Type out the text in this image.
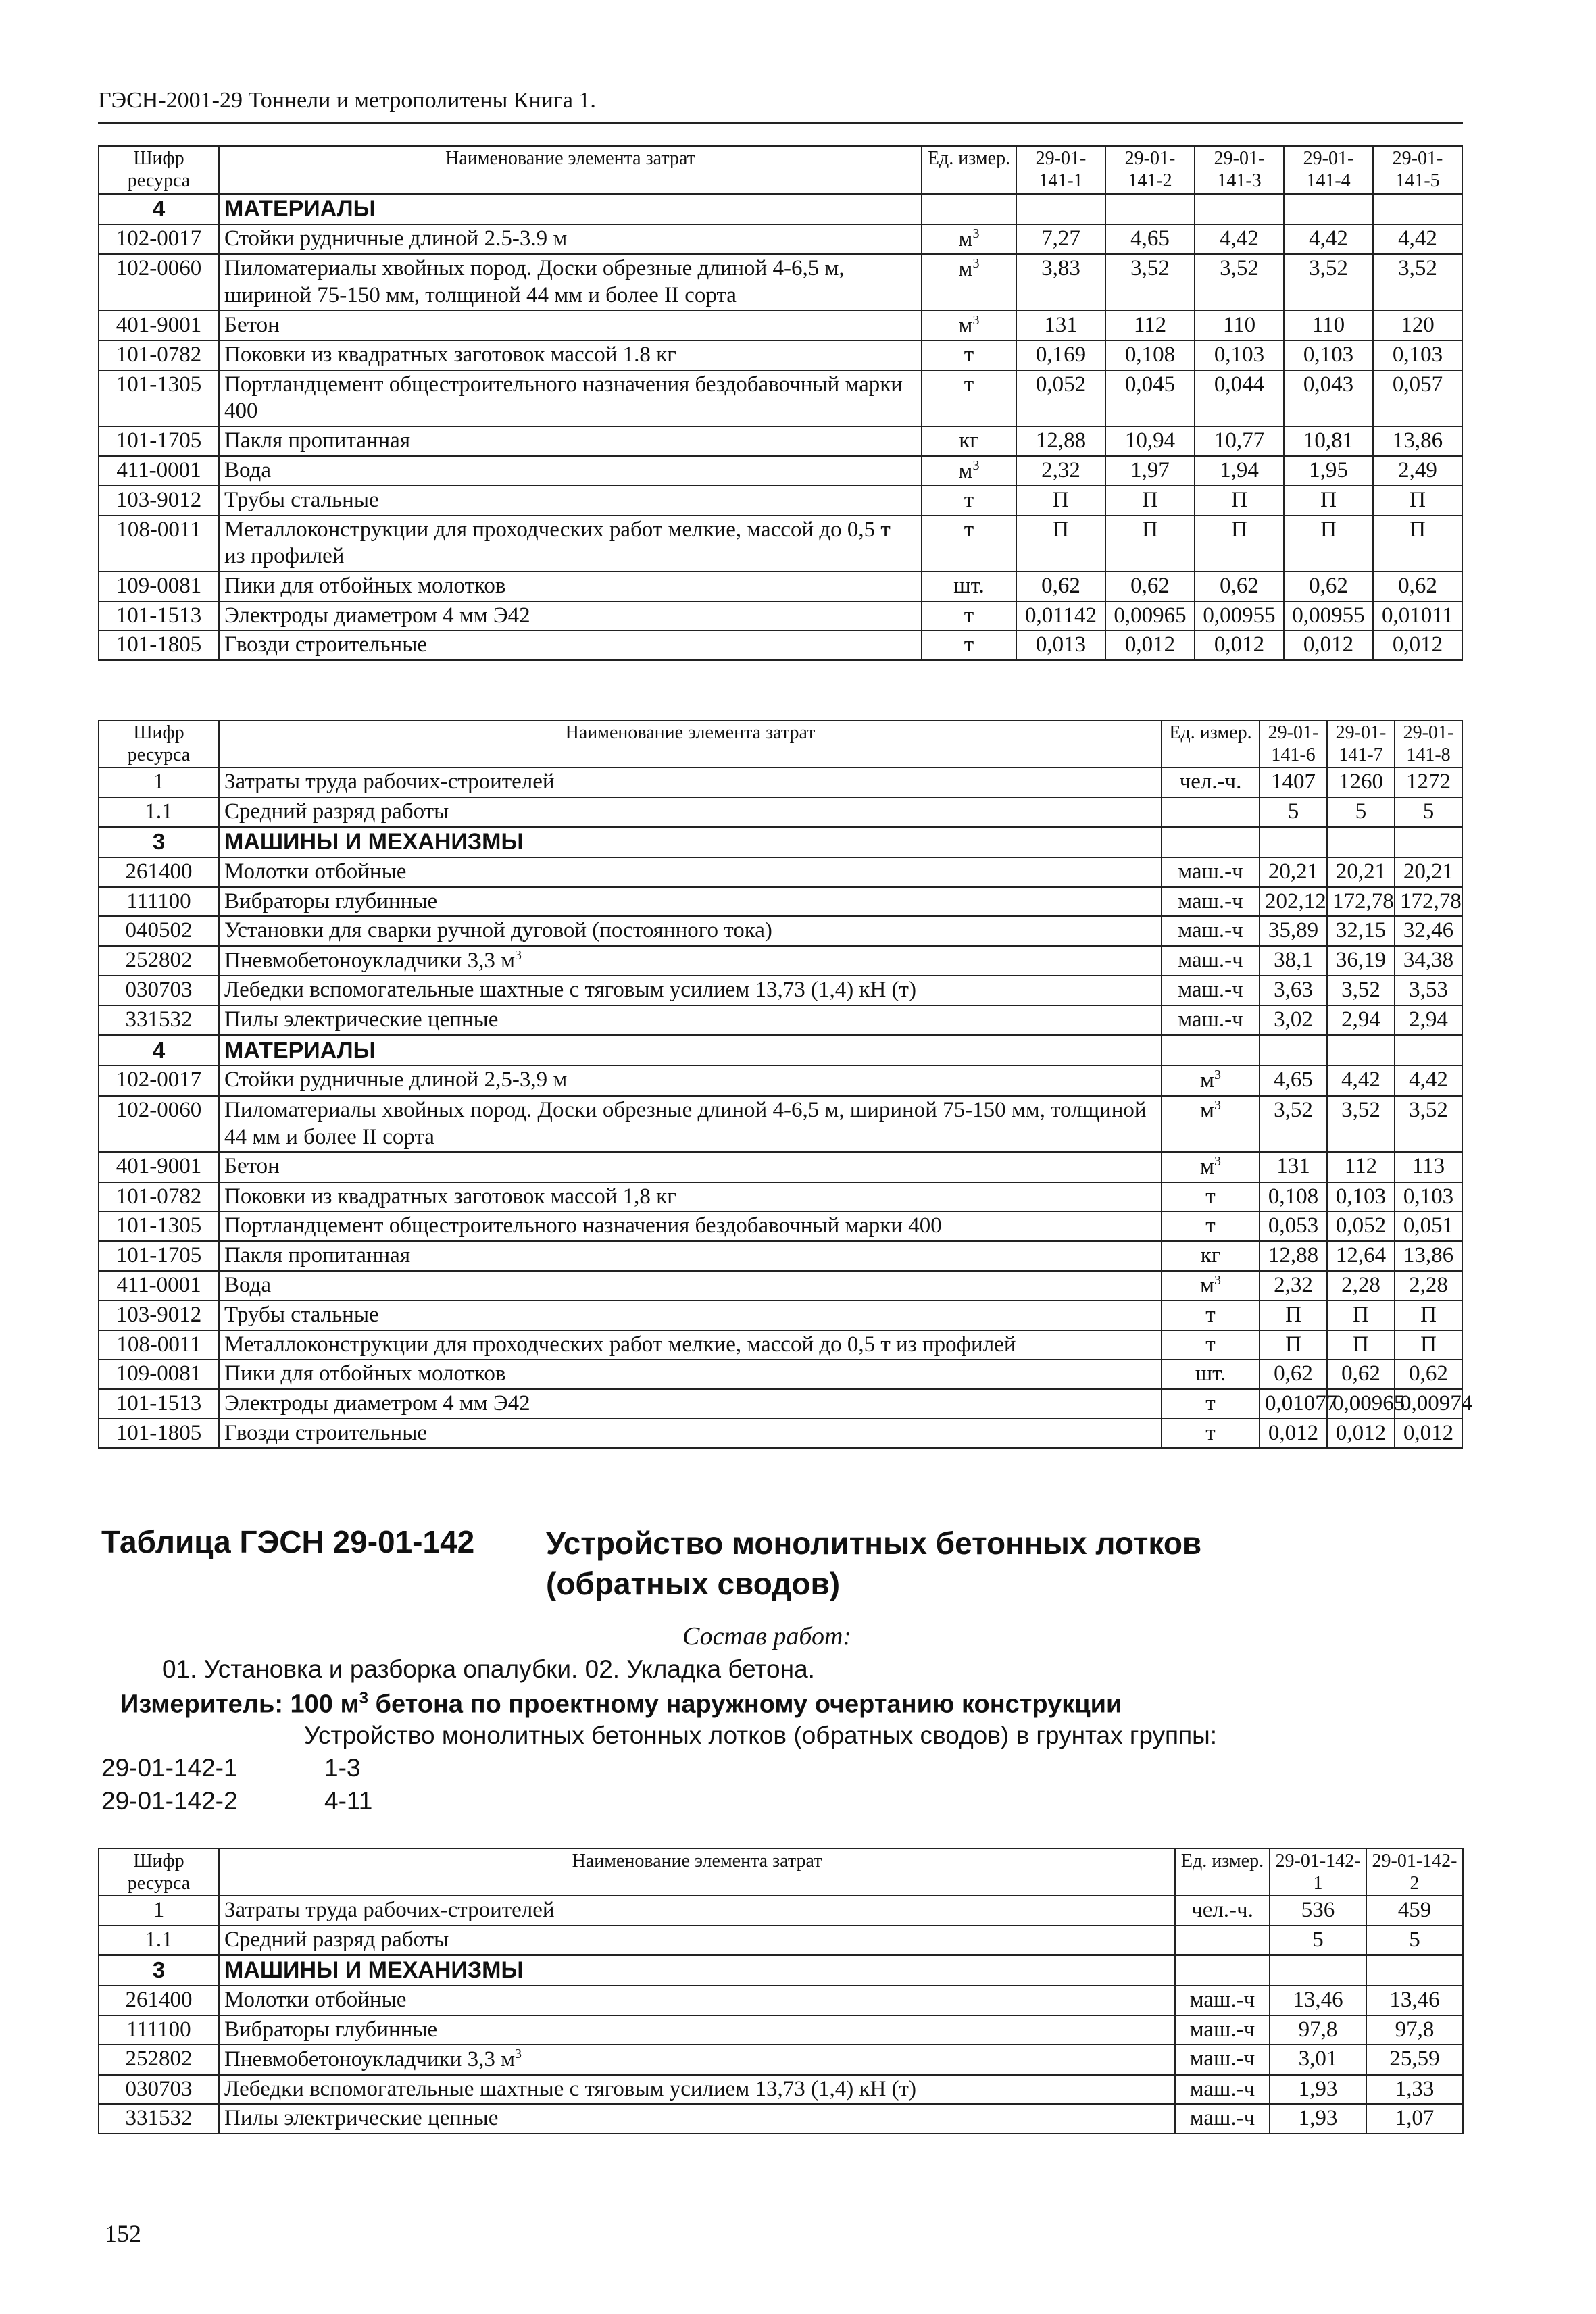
ГЭСН-2001-29 Тоннели и метрополитены Книга 1.
Шифр ресурса	Наименование элемента затрат	Ед. измер.	29-01-141-1	29-01-141-2	29-01-141-3	29-01-141-4	29-01-141-5
4	МАТЕРИАЛЫ						
102-0017	Стойки рудничные длиной 2.5-3.9 м	$м^3$	7,27	4,65	4,42	4,42	4,42
102-0060	Пиломатериалы хвойных пород. Доски обрезные длиной 4-6,5 м, шириной 75-150 мм, толщиной 44 мм и более II сорта	$м^3$	3,83	3,52	3,52	3,52	3,52
401-9001	Бетон	$м^3$	131	112	110	110	120
101-0782	Поковки из квадратных заготовок массой 1.8 кг	т	0,169	0,108	0,103	0,103	0,103
101-1305	Портландцемент общестроительного назначения бездобавочный марки 400	т	0,052	0,045	0,044	0,043	0,057
101-1705	Пакля пропитанная	кг	12,88	10,94	10,77	10,81	13,86
411-0001	Вода	$м^3$	2,32	1,97	1,94	1,95	2,49
103-9012	Трубы стальные	т	П	П	П	П	П
108-0011	Металлоконструкции для проходческих работ мелкие, массой до 0,5 т из профилей	т	П	П	П	П	П
109-0081	Пики для отбойных молотков	шт.	0,62	0,62	0,62	0,62	0,62
101-1513	Электроды диаметром 4 мм Э42	т	0,01142	0,00965	0,00955	0,00955	0,01011
101-1805	Гвозди строительные	т	0,013	0,012	0,012	0,012	0,012
Шифр ресурса	Наименование элемента затрат	Ед. измер.	29-01-141-6	29-01-141-7	29-01-141-8
1	Затраты труда рабочих-строителей	чел.-ч.	1407	1260	1272
1.1	Средний разряд работы		5	5	5
3	МАШИНЫ И МЕХАНИЗМЫ				
261400	Молотки отбойные	маш.-ч	20,21	20,21	20,21
111100	Вибраторы глубинные	маш.-ч	202,12	172,78	172,78
040502	Установки для сварки ручной дуговой (постоянного тока)	маш.-ч	35,89	32,15	32,46
252802	Пневмобетоноукладчики 3,3 $м^3$	маш.-ч	38,1	36,19	34,38
030703	Лебедки вспомогательные шахтные с тяговым усилием 13,73 (1,4) кН (т)	маш.-ч	3,63	3,52	3,53
331532	Пилы электрические цепные	маш.-ч	3,02	2,94	2,94
4	МАТЕРИАЛЫ				
102-0017	Стойки рудничные длиной 2,5-3,9 м	$м^3$	4,65	4,42	4,42
102-0060	Пиломатериалы хвойных пород. Доски обрезные длиной 4-6,5 м, шириной 75-150 мм, толщиной 44 мм и более II сорта	$м^3$	3,52	3,52	3,52
401-9001	Бетон	$м^3$	131	112	113
101-0782	Поковки из квадратных заготовок массой 1,8 кг	т	0,108	0,103	0,103
101-1305	Портландцемент общестроительного назначения бездобавочный марки 400	т	0,053	0,052	0,051
101-1705	Пакля пропитанная	кг	12,88	12,64	13,86
411-0001	Вода	$м^3$	2,32	2,28	2,28
103-9012	Трубы стальные	т	П	П	П
108-0011	Металлоконструкции для проходческих работ мелкие, массой до 0,5 т из профилей	т	П	П	П
109-0081	Пики для отбойных молотков	шт.	0,62	0,62	0,62
101-1513	Электроды диаметром 4 мм Э42	т	0,01077	0,00965	0,00974
101-1805	Гвозди строительные	т	0,012	0,012	0,012
Таблица ГЭСН 29-01-142 Устройство монолитных бетонных лотков (обратных сводов)
Состав работ:
01. Установка и разборка опалубки. 02. Укладка бетона.
Измеритель: 100 $м^3$ бетона по проектному наружному очертанию конструкции
Устройство монолитных бетонных лотков (обратных сводов) в грунтах группы:
29-01-142-1	1-3
29-01-142-2	4-11
Шифр ресурса	Наименование элемента затрат	Ед. измер.	29-01-142-1	29-01-142-2
1	Затраты труда рабочих-строителей	чел.-ч.	536	459
1.1	Средний разряд работы		5	5
3	МАШИНЫ И МЕХАНИЗМЫ			
261400	Молотки отбойные	маш.-ч	13,46	13,46
111100	Вибраторы глубинные	маш.-ч	97,8	97,8
252802	Пневмобетоноукладчики 3,3 $м^3$	маш.-ч	3,01	25,59
030703	Лебедки вспомогательные шахтные с тяговым усилием 13,73 (1,4) кН (т)	маш.-ч	1,93	1,33
331532	Пилы электрические цепные	маш.-ч	1,93	1,07
152
